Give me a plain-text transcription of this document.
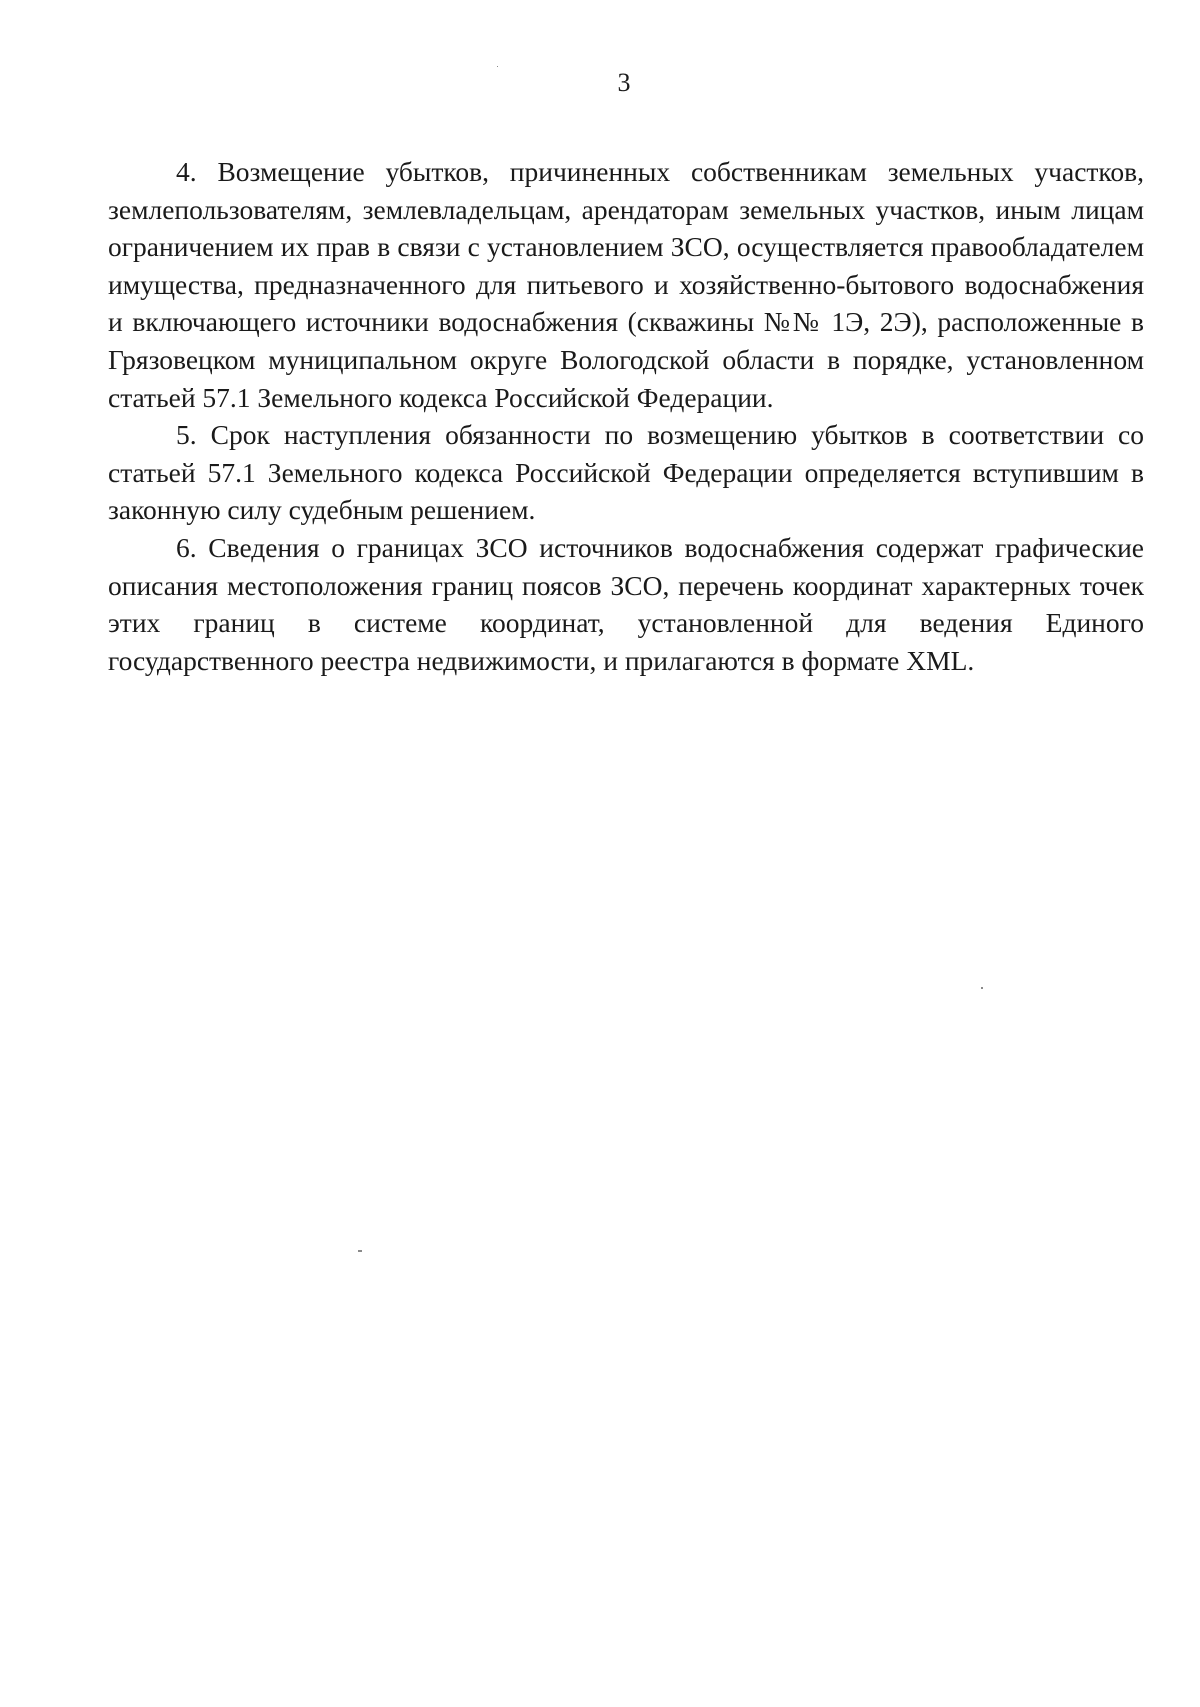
3

4. Возмещение убытков, причиненных собственникам земельных участков, землепользователям, землевладельцам, арендаторам земельных участков, иным лицам ограничением их прав в связи с установлением ЗСО, осуществляется правообладателем имущества, предназначенного для питьевого и хозяйственно-бытового водоснабжения и включающего источники водоснабжения (скважины №№ 1Э, 2Э), расположенные в Грязовецком муниципальном округе Вологодской области в порядке, установленном статьей 57.1 Земельного кодекса Российской Федерации.

5. Срок наступления обязанности по возмещению убытков в соответствии со статьей 57.1 Земельного кодекса Российской Федерации определяется вступившим в законную силу судебным решением.

6. Сведения о границах ЗСО источников водоснабжения содержат графические описания местоположения границ поясов ЗСО, перечень координат характерных точек этих границ в системе координат, установленной для ведения Единого государственного реестра недвижимости, и прилагаются в формате XML.
